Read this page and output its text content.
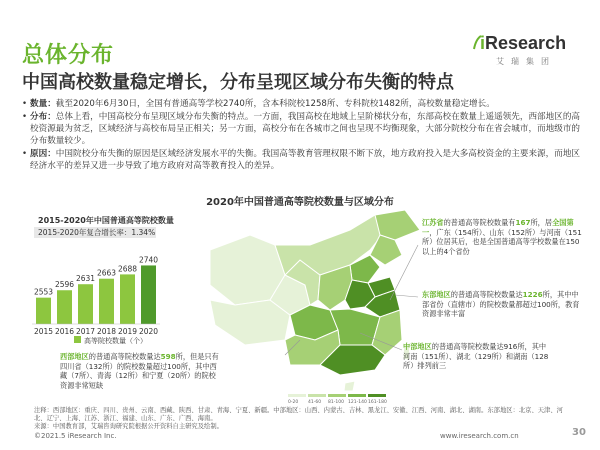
总体分布	iResearch
艾瑞集团
中国高校数量稳定增长，分布呈现区域分布失衡的特点
• 数量：截至2020年6月30日，全国有普通高等学校2740所，含本科院校1258所、专科院校1482所，高校数量稳定增长。
• 分布：总体上看，中国高校分布呈现区域分布失衡的特点。一方面，我国高校在地域上呈阶梯状分布，东部高校在数量上遥遥领先，西部地区的高校资源最为贫乏，区域经济与高校布局呈正相关；另一方面，高校分布在各城市之间也呈现不均衡现象，大部分院校分布在省会城市，而地级市的分布数量较少。
• 原因：中国院校分布失衡的原因是区域经济发展水平的失衡。我国高等教育管理权限不断下放，地方政府投入是大多高校资金的主要来源，而地区经济水平的差异又进一步导致了地方政府对高等教育投入的差异。
2020年中国普通高等院校数量与区域分布
2015-2020年中国普通高等院校数量
2015-2020年复合增长率：1.34%
2553
2015
2596
2016
2631
2017
2663
2018
2688
2019
2740
2020
高等院校数量（个）
0-20 41-60 81-100 121-140 161-180
江苏省的普通高等院校数量有167所，居全国第一，广东（154所）、山东（152所）与河南（151所）位居其后，也是全国普通高等学校数量在150以上的4个省份
东部地区的普通高等院校数量达1226所，其中中部省份（直辖市）的院校数量都超过100所，教育资源非常丰富
中部地区的普通高等院校数量达916所，其中河南（151所）、湖北（129所）和湖南（128所）排列前三
西部地区的普通高等院校数量达598所，但是只有四川省（132所）的院校数量超过100所，其中西藏（7所）、青海（12所）和宁夏（20所）的院校资源非常短缺
注释：西部地区：重庆、四川、贵州、云南、西藏、陕西、甘肃、青海、宁夏、新疆。中部地区：山西、内蒙古、吉林、黑龙江、安徽、江西、河南、湖北、湖南。东部地区：北京、天津、河北、辽宁、上海、江苏、浙江、福建、山东、广东、广西、海南。
来源：中国教育部，艾瑞咨询研究院根据公开资料自主研究及绘制。
©2021.5 iResearch Inc.	www.iresearch.com.cn	30
